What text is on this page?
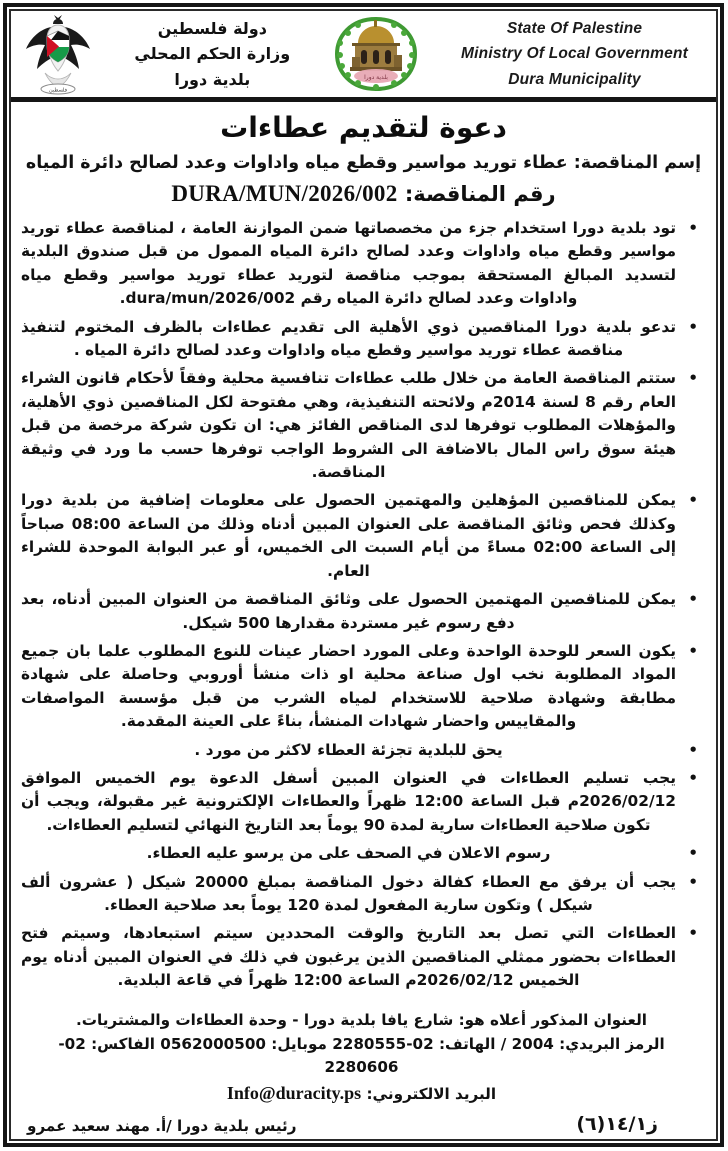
State Of Palestine
Ministry Of Local Government
Dura Municipality
بلدية دورا
دولة فلسطين
وزارة الحكم المحلي
بلدية دورا
فلسطين
دعوة لتقديم عطاءات
إسم المناقصة: عطاء توريد مواسير وقطع مياه واداوات وعدد لصالح دائرة المياه
رقم المناقصة: DURA/MUN/2026/002
• تود بلدية دورا استخدام جزء من مخصصاتها ضمن الموازنة العامة ، لمناقصة عطاء توريد مواسير وقطع مياه واداوات وعدد لصالح دائرة المياه الممول من قبل صندوق البلدية لتسديد المبالغ المستحقة بموجب مناقصة لتوريد عطاء توريد مواسير وقطع مياه واداوات وعدد لصالح دائرة المياه رقم dura/mun/2026/002.
• تدعو بلدية دورا المناقصين ذوي الأهلية الى تقديم عطاءات بالظرف المختوم لتنفيذ مناقصة عطاء توريد مواسير وقطع مياه واداوات وعدد لصالح دائرة المياه .
• ستتم المناقصة العامة من خلال طلب عطاءات تنافسية محلية وفقاً لأحكام قانون الشراء العام رقم 8 لسنة 2014م ولائحته التنفيذية، وهي مفتوحة لكل المناقصين ذوي الأهلية، والمؤهلات المطلوب توفرها لدى المناقص الفائز هي: ان تكون شركة مرخصة من قبل هيئة سوق راس المال بالاضافة الى الشروط الواجب توفرها حسب ما ورد في وثيقة المناقصة.
• يمكن للمناقصين المؤهلين والمهتمين الحصول على معلومات إضافية من بلدية دورا وكذلك فحص وثائق المناقصة على العنوان المبين أدناه وذلك من الساعة 08:00 صباحاً إلى الساعة 02:00 مساءً من أيام السبت الى الخميس، أو عبر البوابة الموحدة للشراء العام.
• يمكن للمناقصين المهتمين الحصول على وثائق المناقصة من العنوان المبين أدناه، بعد دفع رسوم غير مستردة مقدارها 500 شيكل.
• يكون السعر للوحدة الواحدة وعلى المورد احضار عينات للنوع المطلوب علما بان جميع المواد المطلوبة نخب اول صناعة محلية او ذات منشأ أوروبي وحاصلة على شهادة مطابقة وشهادة صلاحية للاستخدام لمياه الشرب من قبل مؤسسة المواصفات والمقاييس واحضار شهادات المنشأ، بناءً على العينة المقدمة.
• يحق للبلدية تجزئة العطاء لاكثر من مورد .
• يجب تسليم العطاءات في العنوان المبين أسفل الدعوة يوم الخميس الموافق 2026/02/12م قبل الساعة 12:00 ظهراً والعطاءات الإلكترونية غير مقبولة، ويجب أن تكون صلاحية العطاءات سارية لمدة 90 يوماً بعد التاريخ النهائي لتسليم العطاءات.
• رسوم الاعلان في الصحف على من يرسو عليه العطاء.
• يجب أن يرفق مع العطاء كفالة دخول المناقصة بمبلغ 20000 شيكل ( عشرون ألف شيكل ) وتكون سارية المفعول لمدة 120 يوماً بعد صلاحية العطاء.
• العطاءات التي تصل بعد التاريخ والوقت المحددين سيتم استبعادها، وسيتم فتح العطاءات بحضور ممثلي المناقصين الذين يرغبون في ذلك في العنوان المبين أدناه يوم الخميس 2026/02/12م الساعة 12:00 ظهراً في قاعة البلدية.
العنوان المذكور أعلاه هو: شارع يافا بلدية دورا - وحدة العطاءات والمشتريات.
الرمز البريدي: 2004 / الهاتف: 02-2280555 موبايل: 0562000500 الفاكس: 02-2280606
البريد الالكتروني: Info@duracity.ps
رئيس بلدية دورا /أ. مهند سعيد عمرو	ز١٤/١(٦)
